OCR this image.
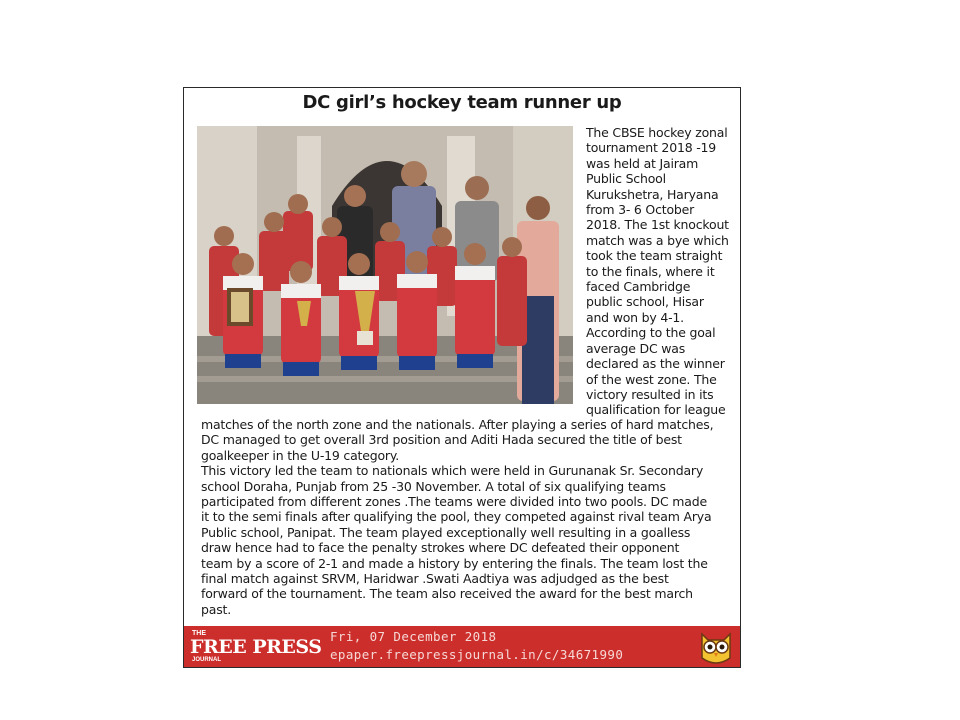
DC girl’s hockey team runner up
The CBSE hockey zonal
tournament 2018 -19
was held at Jairam
Public School
Kurukshetra, Haryana
from 3- 6 October
2018. The 1st knockout
match was a bye which
took the team straight
to the finals, where it
faced Cambridge
public school, Hisar
and won by 4-1.
According to the goal
average DC was
declared as the winner
of the west zone. The
victory resulted in its
qualification for league

matches of the north zone and the nationals. After playing a series of hard matches,
DC managed to get overall 3rd position and Aditi Hada secured the title of best
goalkeeper in the U-19 category.

This victory led the team to nationals which were held in Gurunanak Sr. Secondary
school Doraha, Punjab from 25 -30 November. A total of six qualifying teams
participated from different zones .The teams were divided into two pools. DC made
it to the semi finals after qualifying the pool, they competed against rival team Arya
Public school, Panipat. The team played exceptionally well resulting in a goalless
draw hence had to face the penalty strokes where DC defeated their opponent
team by a score of 2-1 and made a history by entering the finals. The team lost the
final match against SRVM, Haridwar .Swati Aadtiya was adjudged as the best
forward of the tournament. The team also received the award for the best march
past.

THE
FREE PRESS
JOURNAL
Fri, 07 December 2018
epaper.freepressjournal.in/c/34671990
